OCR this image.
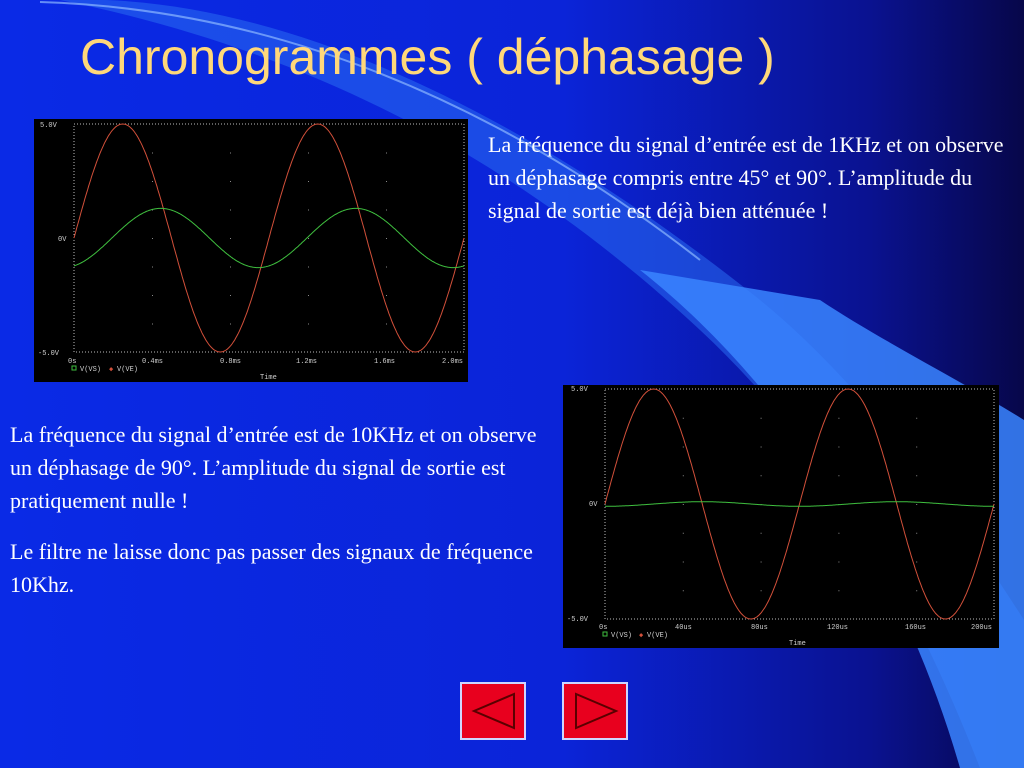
Chronogrammes ( déphasage )
5.0V
0V
-5.0V
0s	0.4ms	0.8ms	1.2ms	1.6ms	2.0ms
V(VS) ◆ V(VE)
Time
5.0V
0V
-5.0V
0s	40us	80us	120us	160us	200us
V(VS) ◆ V(VE)
Time

La fréquence du signal d’entrée est de 1KHz et on observe un déphasage compris entre 45° et 90°. L’amplitude du signal de sortie est déjà bien atténuée !

La fréquence du signal d’entrée est de 10KHz et on observe un déphasage de 90°. L’amplitude du signal de sortie est pratiquement nulle !

Le filtre ne laisse donc pas passer des signaux de fréquence 10Khz.
